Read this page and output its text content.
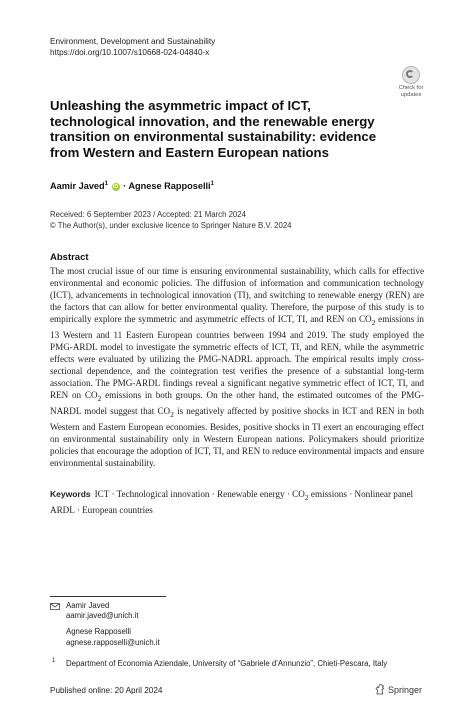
Environment, Development and Sustainability
https://doi.org/10.1007/s10668-024-04840-x
Check for
updates
Unleashing the asymmetric impact of ICT, technological innovation, and the renewable energy transition on environmental sustainability: evidence from Western and Eastern European nations
Aamir Javed$^1$ iD · Agnese Rapposelli$^1$
Received: 6 September 2023 / Accepted: 21 March 2024
© The Author(s), under exclusive licence to Springer Nature B.V. 2024
Abstract
The most crucial issue of our time is ensuring environmental sustainability, which calls for effective environmental and economic policies. The diffusion of information and communication technology (ICT), advancements in technological innovation (TI), and switching to renewable energy (REN) are the factors that can allow for better environmental quality. Therefore, the purpose of this study is to empirically explore the symmetric and asymmetric effects of ICT, TI, and REN on $CO_2$ emissions in 13 Western and 11 Eastern European countries between 1994 and 2019. The study employed the PMG-ARDL model to investigate the symmetric effects of ICT, TI, and REN, while the asymmetric effects were evaluated by utilizing the PMG-NADRL approach. The empirical results imply cross-sectional dependence, and the cointegration test verifies the presence of a substantial long-term association. The PMG-ARDL findings reveal a significant negative symmetric effect of ICT, TI, and REN on $CO_2$ emissions in both groups. On the other hand, the estimated outcomes of the PMG-NARDL model suggest that $CO_2$ is negatively affected by positive shocks in ICT and REN in both Western and Eastern European economies. Besides, positive shocks in TI exert an encouraging effect on environmental sustainability only in Western European nations. Policymakers should prioritize policies that encourage the adoption of ICT, TI, and REN to reduce environmental impacts and ensure environmental sustainability.
Keywords ICT · Technological innovation · Renewable energy · $CO_2$ emissions · Nonlinear panel ARDL · European countries
Aamir Javed
aamir.javed@unich.it
Agnese Rapposelli
agnese.rapposelli@unich.it
1 Department of Economia Aziendale, University of “Gabriele d’Annunzio”, Chieti-Pescara, Italy
Published online: 20 April 2024	Springer
